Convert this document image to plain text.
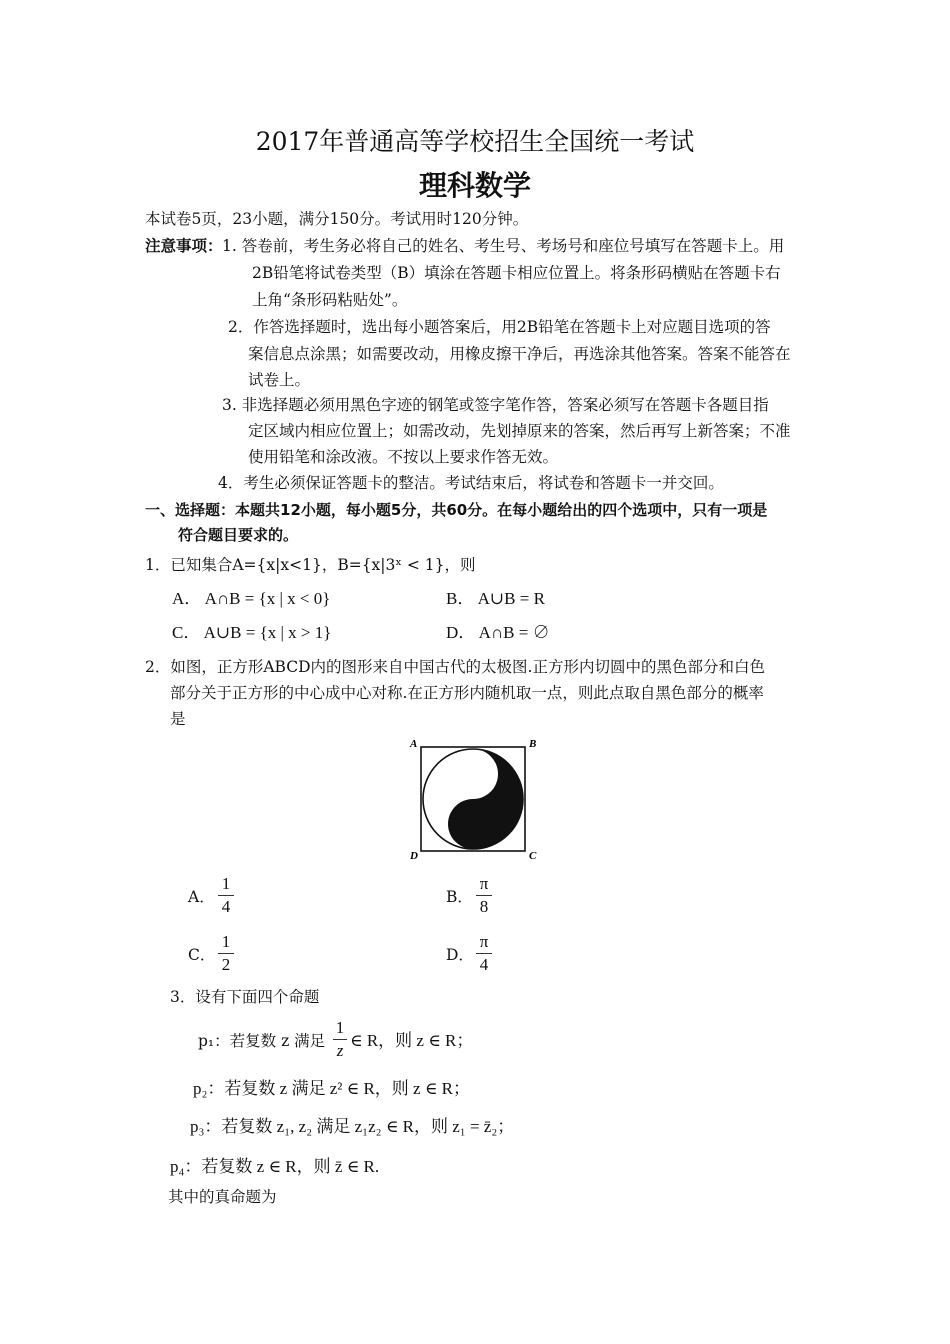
2017年普通高等学校招生全国统一考试
理科数学
本试卷5页，23小题，满分150分。考试用时120分钟。
注意事项： 1. 答卷前，考生务必将自己的姓名、考生号、考场号和座位号填写在答题卡上。用
2B铅笔将试卷类型（B）填涂在答题卡相应位置上。将条形码横贴在答题卡右
上角“条形码粘贴处”。
2．作答选择题时，选出每小题答案后，用2B铅笔在答题卡上对应题目选项的答
案信息点涂黑；如需要改动，用橡皮擦干净后，再选涂其他答案。答案不能答在
试卷上。
3. 非选择题必须用黑色字迹的钢笔或签字笔作答，答案必须写在答题卡各题目指
定区域内相应位置上；如需改动，先划掉原来的答案，然后再写上新答案；不准
使用铅笔和涂改液。不按以上要求作答无效。
4．考生必须保证答题卡的整洁。考试结束后，将试卷和答题卡一并交回。
一、选择题：本题共12小题，每小题5分，共60分。在每小题给出的四个选项中，只有一项是
符合题目要求的。
1．已知集合A={x|x<1}，B={x|3ˣ < 1}，则
A． A∩B = {x | x < 0}	B． A∪B = R
C． A∪B = {x | x > 1}	D． A∩B = ∅
2．如图，正方形ABCD内的图形来自中国古代的太极图.正方形内切圆中的黑色部分和白色
部分关于正方形的中心成中心对称.在正方形内随机取一点，则此点取自黑色部分的概率
是
A	B
D	C
A．
1
4	B．
π
8
C．
1
2	D．
π
4
3．设有下面四个命题
p₁：若复数 z 满足
1
z
∈ R，则 z ∈ R；
p₂：若复数 z 满足 z² ∈ R，则 z ∈ R；
p₃：若复数 z₁, z₂ 满足 z₁z₂ ∈ R，则 z₁ = z̄₂；
p₄：若复数 z ∈ R，则 z̄ ∈ R.
其中的真命题为
